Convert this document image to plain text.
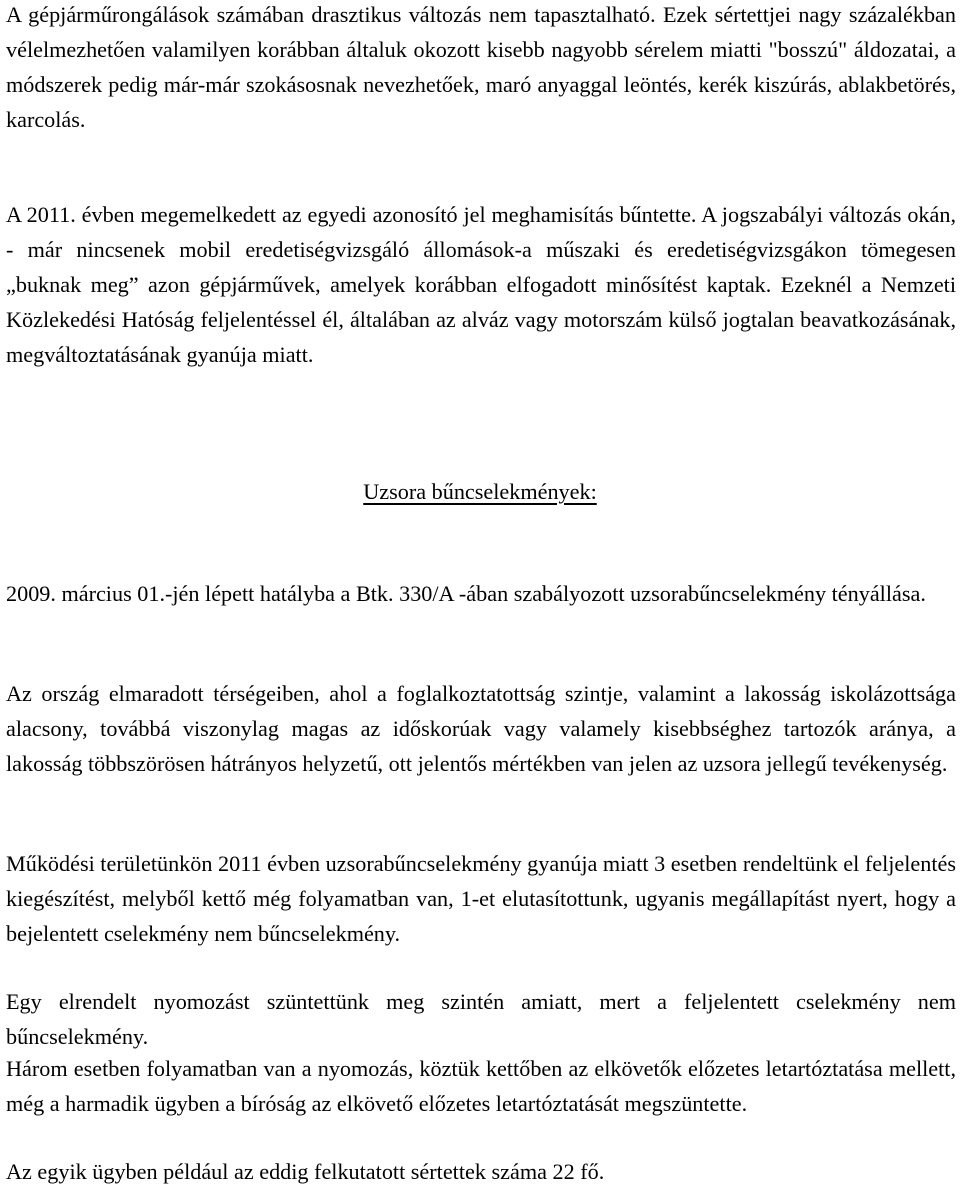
A gépjárműrongálások számában drasztikus változás nem tapasztalható. Ezek sértettjei nagy százalékban vélelmezhetően valamilyen korábban általuk okozott kisebb nagyobb sérelem miatti "bosszú" áldozatai, a módszerek pedig már-már szokásosnak nevezhetőek, maró anyaggal leöntés, kerék kiszúrás, ablakbetörés, karcolás.

A 2011. évben megemelkedett az egyedi azonosító jel meghamisítás bűntette. A jogszabályi változás okán, - már nincsenek mobil eredetiségvizsgáló állomások-a műszaki és eredetiségvizsgákon tömegesen „buknak meg” azon gépjárművek, amelyek korábban elfogadott minősítést kaptak. Ezeknél a Nemzeti Közlekedési Hatóság feljelentéssel él, általában az alváz vagy motorszám külső jogtalan beavatkozásának, megváltoztatásának gyanúja miatt.

Uzsora bűncselekmények:

2009. március 01.-jén lépett hatályba a Btk. 330/A -ában szabályozott uzsorabűncselekmény tényállása.

Az ország elmaradott térségeiben, ahol a foglalkoztatottság szintje, valamint a lakosság iskolázottsága alacsony, továbbá viszonylag magas az időskorúak vagy valamely kisebbséghez tartozók aránya, a lakosság többszörösen hátrányos helyzetű, ott jelentős mértékben van jelen az uzsora jellegű tevékenység.

Működési területünkön 2011 évben uzsorabűncselekmény gyanúja miatt 3 esetben rendeltünk el feljelentés kiegészítést, melyből kettő még folyamatban van, 1-et elutasítottunk, ugyanis megállapítást nyert, hogy a bejelentett cselekmény nem bűncselekmény.

Egy elrendelt nyomozást szüntettünk meg szintén amiatt, mert a feljelentett cselekmény nem bűncselekmény.

Három esetben folyamatban van a nyomozás, köztük kettőben az elkövetők előzetes letartóztatása mellett, még a harmadik ügyben a bíróság az elkövető előzetes letartóztatását megszüntette.

Az egyik ügyben például az eddig felkutatott sértettek száma 22 fő.
